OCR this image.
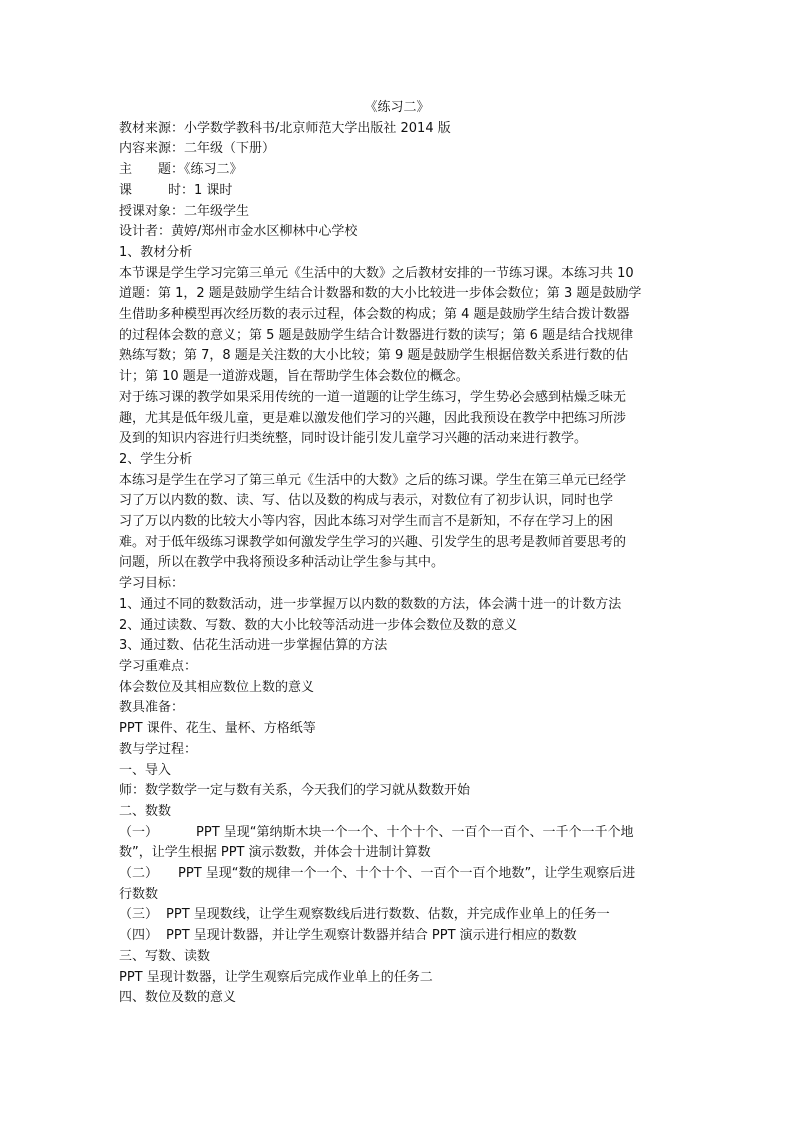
《练习二》
教材来源：小学数学教科书/北京师范大学出版社 2014 版
内容来源：二年级（下册）
主 题：《练习二》
课	时：1 课时
授课对象：二年级学生
设计者：黄婷/郑州市金水区柳林中心学校
1、教材分析
本节课是学生学习完第三单元《生活中的大数》之后教材安排的一节练习课。本练习共 10
道题：第 1，2 题是鼓励学生结合计数器和数的大小比较进一步体会数位；第 3 题是鼓励学
生借助多种模型再次经历数的表示过程，体会数的构成；第 4 题是鼓励学生结合拨计数器
的过程体会数的意义；第 5 题是鼓励学生结合计数器进行数的读写；第 6 题是结合找规律
熟练写数；第 7，8 题是关注数的大小比较；第 9 题是鼓励学生根据倍数关系进行数的估
计；第 10 题是一道游戏题，旨在帮助学生体会数位的概念。
对于练习课的教学如果采用传统的一道一道题的让学生练习，学生势必会感到枯燥乏味无
趣，尤其是低年级儿童，更是难以激发他们学习的兴趣，因此我预设在教学中把练习所涉
及到的知识内容进行归类统整，同时设计能引发儿童学习兴趣的活动来进行教学。
2、学生分析
本练习是学生在学习了第三单元《生活中的大数》之后的练习课。学生在第三单元已经学
习了万以内数的数、读、写、估以及数的构成与表示，对数位有了初步认识，同时也学
习了万以内数的比较大小等内容，因此本练习对学生而言不是新知，不存在学习上的困
难。对于低年级练习课教学如何激发学生学习的兴趣、引发学生的思考是教师首要思考的
问题，所以在教学中我将预设多种活动让学生参与其中。
学习目标：
1、通过不同的数数活动，进一步掌握万以内数的数数的方法，体会满十进一的计数方法
2、通过读数、写数、数的大小比较等活动进一步体会数位及数的意义
3、通过数、估花生活动进一步掌握估算的方法
学习重难点：
体会数位及其相应数位上数的意义
教具准备：
PPT 课件、花生、量杯、方格纸等
教与学过程：
一、导入
师：数学数学一定与数有关系，今天我们的学习就从数数开始
二、数数
（一）	PPT 呈现“第纳斯木块一个一个、十个十个、一百个一百个、一千个一千个地
数”，让学生根据 PPT 演示数数，并体会十进制计算数
（二） PPT 呈现“数的规律一个一个、十个十个、一百个一百个地数”，让学生观察后进
行数数
（三） PPT 呈现数线，让学生观察数线后进行数数、估数，并完成作业单上的任务一
（四） PPT 呈现计数器，并让学生观察计数器并结合 PPT 演示进行相应的数数
三、写数、读数
PPT 呈现计数器，让学生观察后完成作业单上的任务二
四、数位及数的意义
